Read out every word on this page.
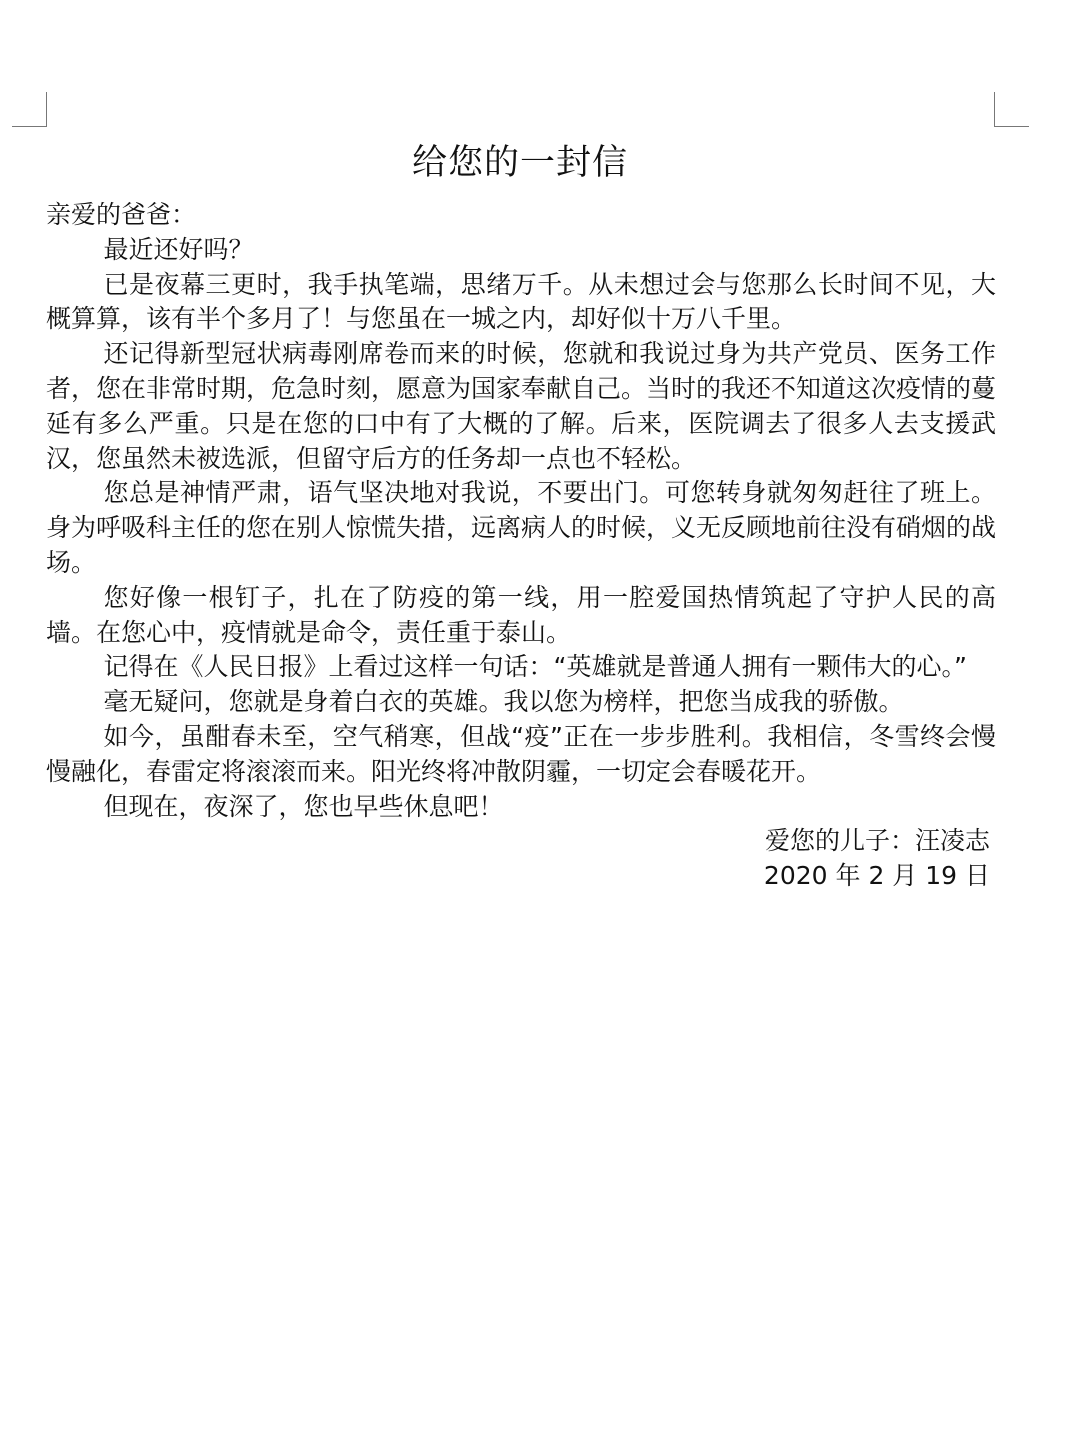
给您的一封信

亲爱的爸爸：

最近还好吗？

已是夜幕三更时，我手执笔端，思绪万千。从未想过会与您那么长时间不见，大概算算，该有半个多月了！与您虽在一城之内，却好似十万八千里。

还记得新型冠状病毒刚席卷而来的时候，您就和我说过身为共产党员、医务工作者，您在非常时期，危急时刻，愿意为国家奉献自己。当时的我还不知道这次疫情的蔓延有多么严重。只是在您的口中有了大概的了解。后来，医院调去了很多人去支援武汉，您虽然未被选派，但留守后方的任务却一点也不轻松。

您总是神情严肃，语气坚决地对我说，不要出门。可您转身就匆匆赶往了班上。身为呼吸科主任的您在别人惊慌失措，远离病人的时候，义无反顾地前往没有硝烟的战场。

您好像一根钉子，扎在了防疫的第一线，用一腔爱国热情筑起了守护人民的高墙。在您心中，疫情就是命令，责任重于泰山。

记得在《人民日报》上看过这样一句话：“英雄就是普通人拥有一颗伟大的心。”

毫无疑问，您就是身着白衣的英雄。我以您为榜样，把您当成我的骄傲。

如今，虽酣春未至，空气稍寒，但战“疫”正在一步步胜利。我相信，冬雪终会慢慢融化，春雷定将滚滚而来。阳光终将冲散阴霾，一切定会春暖花开。

但现在，夜深了，您也早些休息吧！

爱您的儿子：汪凌志

2020 年 2 月 19 日
